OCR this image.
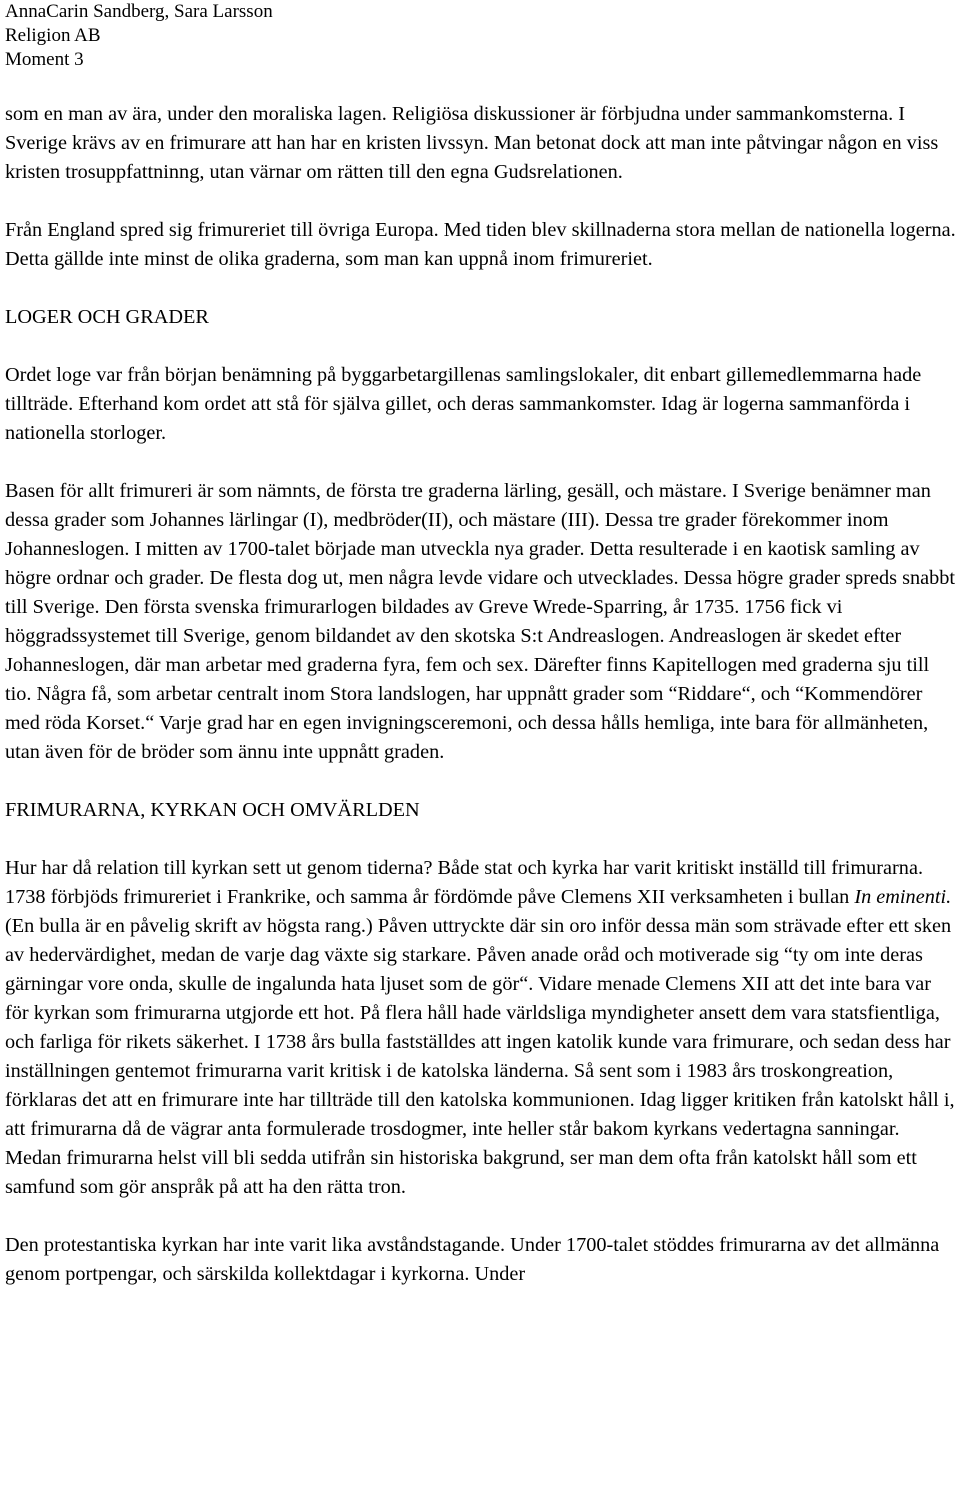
AnnaCarin Sandberg, Sara Larsson
Religion AB
Moment 3

som en man av ära, under den moraliska lagen. Religiösa diskussioner är förbjudna under sammankomsterna. I Sverige krävs av en frimurare att han har en kristen livssyn. Man betonat dock att man inte påtvingar någon en viss kristen trosuppfattninng, utan värnar om rätten till den egna Gudsrelationen.

Från England spred sig frimureriet till övriga Europa. Med tiden blev skillnaderna stora mellan de nationella logerna. Detta gällde inte minst de olika graderna, som man kan uppnå inom frimureriet.

LOGER OCH GRADER

Ordet loge var från början benämning på byggarbetargillenas samlingslokaler, dit enbart gillemedlemmarna hade tillträde. Efterhand kom ordet att stå för själva gillet, och deras sammankomster. Idag är logerna sammanförda i nationella storloger.

Basen för allt frimureri är som nämnts, de första tre graderna lärling, gesäll, och mästare. I Sverige benämner man dessa grader som Johannes lärlingar (I), medbröder(II), och mästare (III). Dessa tre grader förekommer inom Johanneslogen. I mitten av 1700-talet började man utveckla nya grader. Detta resulterade i en kaotisk samling av högre ordnar och grader. De flesta dog ut, men några levde vidare och utvecklades. Dessa högre grader spreds snabbt till Sverige. Den första svenska frimurarlogen bildades av Greve Wrede-Sparring, år 1735. 1756 fick vi höggradssystemet till Sverige, genom bildandet av den skotska S:t Andreaslogen. Andreaslogen är skedet efter Johanneslogen, där man arbetar med graderna fyra, fem och sex. Därefter finns Kapitellogen med graderna sju till tio. Några få, som arbetar centralt inom Stora landslogen, har uppnått grader som “Riddare“, och “Kommendörer med röda Korset.“ Varje grad har en egen invigningsceremoni, och dessa hålls hemliga, inte bara för allmänheten, utan även för de bröder som ännu inte uppnått graden.

FRIMURARNA, KYRKAN OCH OMVÄRLDEN

Hur har då relation till kyrkan sett ut genom tiderna? Både stat och kyrka har varit kritiskt inställd till frimurarna. 1738 förbjöds frimureriet i Frankrike, och samma år fördömde påve Clemens XII verksamheten i bullan In eminenti.(En bulla är en påvelig skrift av högsta rang.) Påven uttryckte där sin oro inför dessa män som strävade efter ett sken av hedervärdighet, medan de varje dag växte sig starkare. Påven anade oråd och motiverade sig “ty om inte deras gärningar vore onda, skulle de ingalunda hata ljuset som de gör“. Vidare menade Clemens XII att det inte bara var för kyrkan som frimurarna utgjorde ett hot. På flera håll hade världsliga myndigheter ansett dem vara statsfientliga, och farliga för rikets säkerhet. I 1738 års bulla fastställdes att ingen katolik kunde vara frimurare, och sedan dess har inställningen gentemot frimurarna varit kritisk i de katolska länderna. Så sent som i 1983 års troskongreation, förklaras det att en frimurare inte har tillträde till den katolska kommunionen. Idag ligger kritiken från katolskt håll i, att frimurarna då de vägrar anta formulerade trosdogmer, inte heller står bakom kyrkans vedertagna sanningar. Medan frimurarna helst vill bli sedda utifrån sin historiska bakgrund, ser man dem ofta från katolskt håll som ett samfund som gör anspråk på att ha den rätta tron.

Den protestantiska kyrkan har inte varit lika avståndstagande. Under 1700-talet stöddes frimurarna av det allmänna genom portpengar, och särskilda kollektdagar i kyrkorna. Under
